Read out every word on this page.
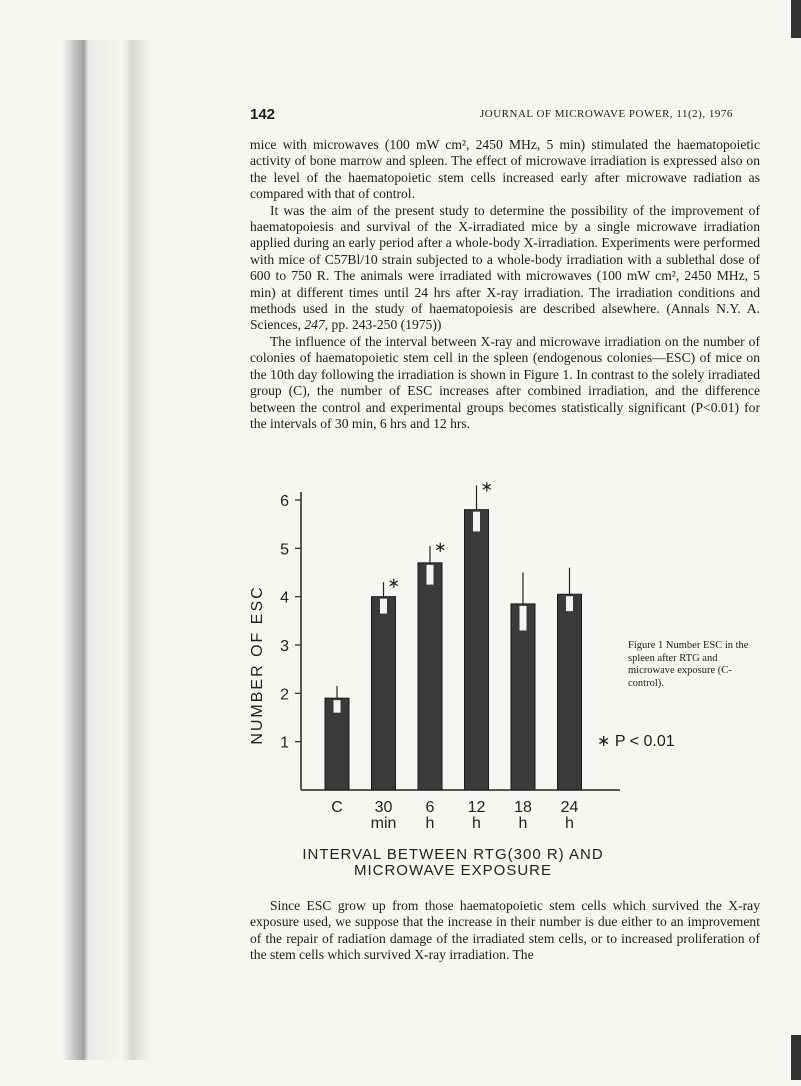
142	JOURNAL OF MICROWAVE POWER, 11(2), 1976

mice with microwaves (100 mW cm², 2450 MHz, 5 min) stimulated the haematopoietic activity of bone marrow and spleen. The effect of microwave irradiation is expressed also on the level of the haematopoietic stem cells increased early after microwave radiation as compared with that of control.

It was the aim of the present study to determine the possibility of the improvement of haematopoiesis and survival of the X-irradiated mice by a single microwave irradiation applied during an early period after a whole-body X-irradiation. Experiments were performed with mice of C57Bl/10 strain subjected to a whole-body irradiation with a sublethal dose of 600 to 750 R. The animals were irradiated with microwaves (100 mW cm², 2450 MHz, 5 min) at different times until 24 hrs after X-ray irradiation. The irradiation conditions and methods used in the study of haematopoiesis are described alsewhere. (Annals N.Y. A. Sciences, 247, pp. 243-250 (1975))

The influence of the interval between X-ray and microwave irradiation on the number of colonies of haematopoietic stem cell in the spleen (endogenous colonies—ESC) of mice on the 10th day following the irradiation is shown in Figure 1. In contrast to the solely irradiated group (C), the number of ESC increases after combined irradiation, and the difference between the control and experimental groups becomes statistically significant (P<0.01) for the intervals of 30 min, 6 hrs and 12 hrs.

NUMBER OF ESC 1
2
3
4
5
6
∗
∗
∗
C 30
min
6
h
12
h
18
h
24
h
INTERVAL BETWEEN RTG(300 R) AND
MICROWAVE EXPOSURE
Figure 1 Number ESC in the spleen after RTG and microwave exposure (C-control).
∗ P < 0.01

Since ESC grow up from those haematopoietic stem cells which survived the X-ray exposure used, we suppose that the increase in their number is due either to an improvement of the repair of radiation damage of the irradiated stem cells, or to increased proliferation of the stem cells which survived X-ray irradiation. The
